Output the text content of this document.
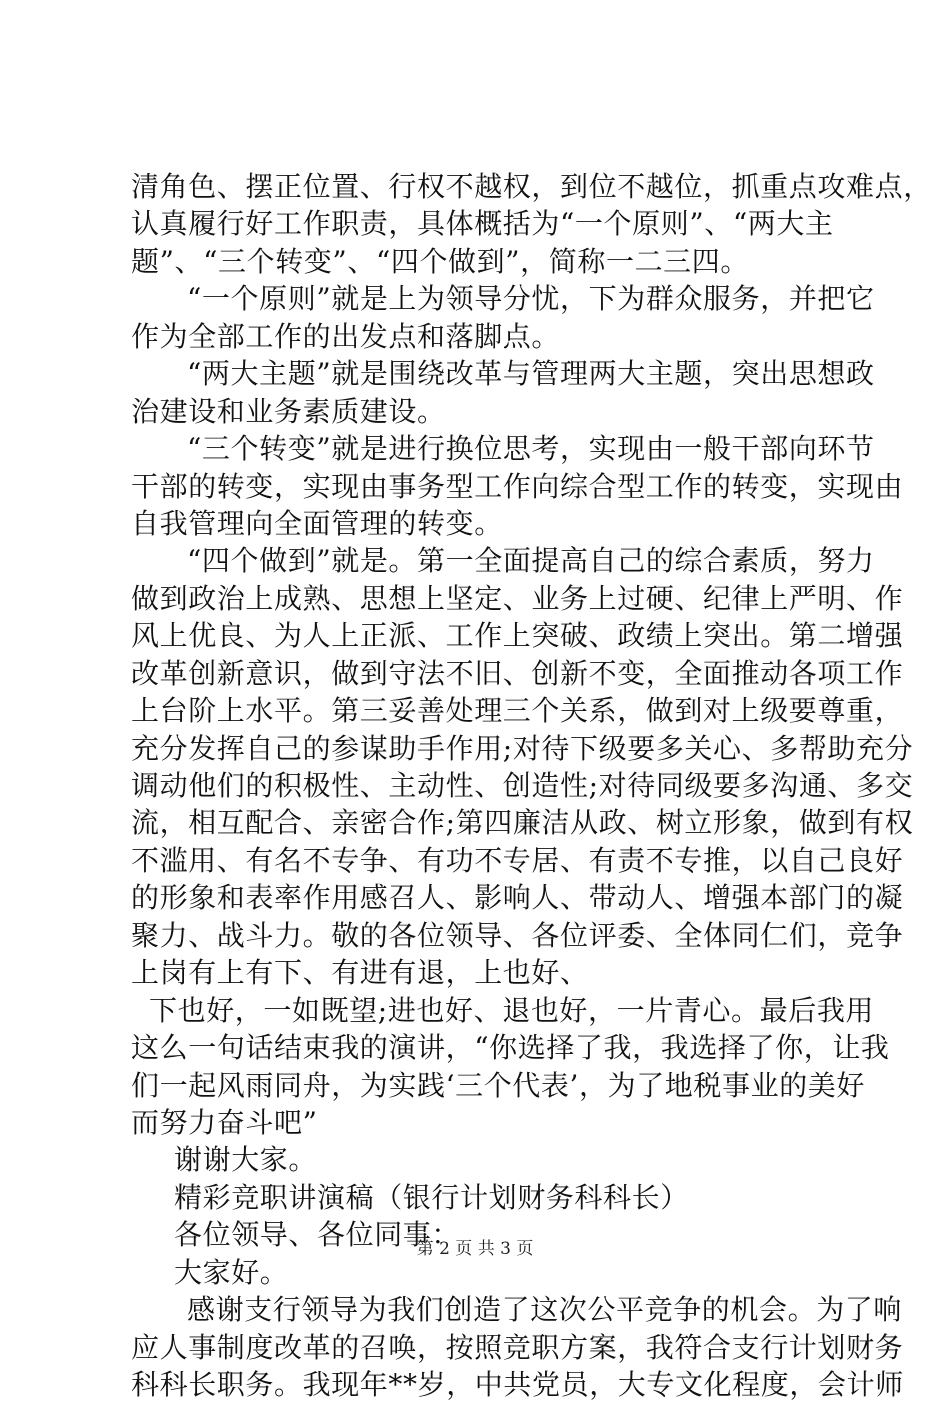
清角色、摆正位置、行权不越权，到位不越位，抓重点攻难点，
认真履行好工作职责，具体概括为“一个原则”、“两大主
题”、“三个转变”、“四个做到”，简称一二三四。
“一个原则”就是上为领导分忧，下为群众服务，并把它
作为全部工作的出发点和落脚点。
“两大主题”就是围绕改革与管理两大主题，突出思想政
治建设和业务素质建设。
“三个转变”就是进行换位思考，实现由一般干部向环节
干部的转变，实现由事务型工作向综合型工作的转变，实现由
自我管理向全面管理的转变。
“四个做到”就是。第一全面提高自己的综合素质，努力
做到政治上成熟、思想上坚定、业务上过硬、纪律上严明、作
风上优良、为人上正派、工作上突破、政绩上突出。第二增强
改革创新意识，做到守法不旧、创新不变，全面推动各项工作
上台阶上水平。第三妥善处理三个关系，做到对上级要尊重，
充分发挥自己的参谋助手作用;对待下级要多关心、多帮助充分
调动他们的积极性、主动性、创造性;对待同级要多沟通、多交
流，相互配合、亲密合作;第四廉洁从政、树立形象，做到有权
不滥用、有名不专争、有功不专居、有责不专推，以自己良好
的形象和表率作用感召人、影响人、带动人、增强本部门的凝
聚力、战斗力。敬的各位领导、各位评委、全体同仁们，竞争
上岗有上有下、有进有退，上也好、
下也好，一如既望;进也好、退也好，一片青心。最后我用
这么一句话结束我的演讲，“你选择了我，我选择了你，让我
们一起风雨同舟，为实践‘三个代表’，为了地税事业的美好
而努力奋斗吧”
谢谢大家。
精彩竞职讲演稿（银行计划财务科科长）
各位领导、各位同事：
大家好。
感谢支行领导为我们创造了这次公平竞争的机会。为了响
应人事制度改革的召唤，按照竞职方案，我符合支行计划财务
科科长职务。我现年**岁，中共党员，大专文化程度，会计师
第 2 页 共 3 页
